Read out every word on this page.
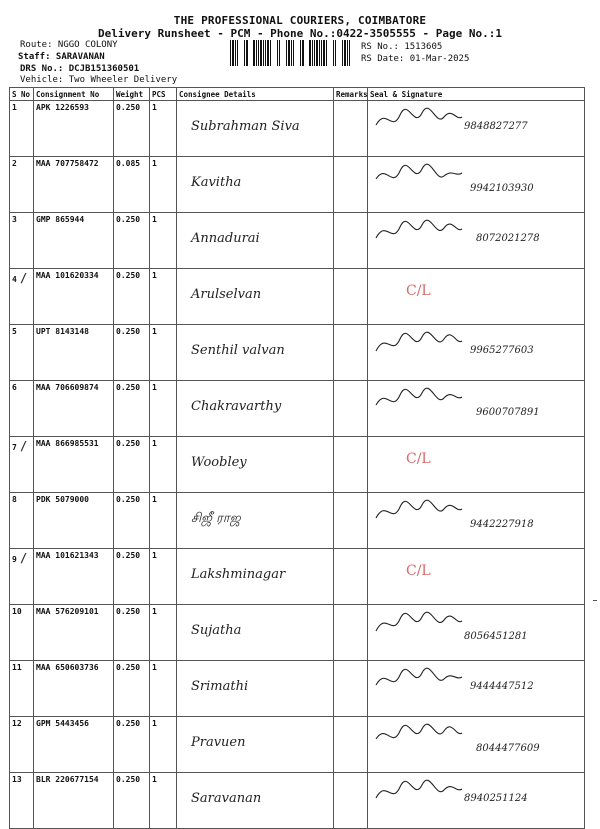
THE PROFESSIONAL COURIERS, COIMBATORE
Delivery Runsheet - PCM - Phone No.:0422-3505555 - Page No.:1
Route: NGGO COLONY
Staff: SARAVANAN
DRS No.: DCJB151360501
Vehicle: Two Wheeler Delivery
RS No.: 1513605
RS Date: 01-Mar-2025
S No	Consignment No	Weight	PCS	Consignee Details	Remarks	Seal & Signature
1	APK 1226593	0.250	1	Subrahman Siva		9848827277

2	MAA 707758472	0.085	1	Kavitha		9942103930

3	GMP 865944	0.250	1	Annadurai		8072021278

4 /	MAA 101620334	0.250	1	Arulselvan		C/L

5	UPT 8143148	0.250	1	Senthil valvan		9965277603

6	MAA 706609874	0.250	1	Chakravarthy		9600707891

7 /	MAA 866985531	0.250	1	Woobley		C/L

8	PDK 5079000	0.250	1	சிஜீ ராஜ		9442227918

9 /	MAA 101621343	0.250	1	Lakshminagar		C/L

10	MAA 576209101	0.250	1	Sujatha		8056451281

11	MAA 650603736	0.250	1	Srimathi		9444447512

12	GPM 5443456	0.250	1	Pravuen		8044477609

13	BLR 220677154	0.250	1	Saravanan		8940251124
